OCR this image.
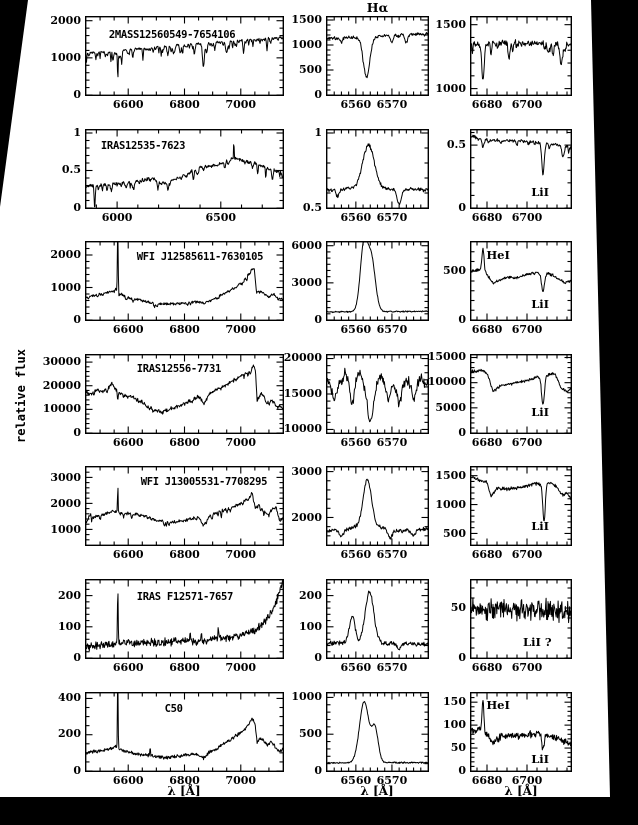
Hα
relative flux
0
1000
2000
6600	6800	7000
2MASS12560549-7654106
0
500
1000
1500
6560 6570
1000
1500
6680 6700
0
0.5
1
6000	6500
IRAS12535-7623
0.5
1
6560 6570
0
0.5
6680 6700
LiI
0
1000
2000
6600	6800	7000
WFI J12585611-7630105
0
3000
6000
6560 6570
0
500
6680 6700
HeI
LiI
0
10000
20000
30000
6600	6800	7000
IRAS12556-7731
10000
15000
20000
6560 6570
0
5000
10000
15000
6680 6700
LiI
1000
2000
3000
6600	6800	7000
WFI J13005531-7708295
2000
3000
6560 6570
500
1000
1500
6680 6700
LiI
0
100
200
6600	6800	7000
IRAS F12571-7657
0
100
200
6560 6570
0
50
6680 6700
LiI ?
0
200
400
6600	6800	7000
C50
0
500
1000
6560 6570
0
50
100
150
6680 6700
HeI
LiI
λ [Å]	λ [Å]	λ [Å]
